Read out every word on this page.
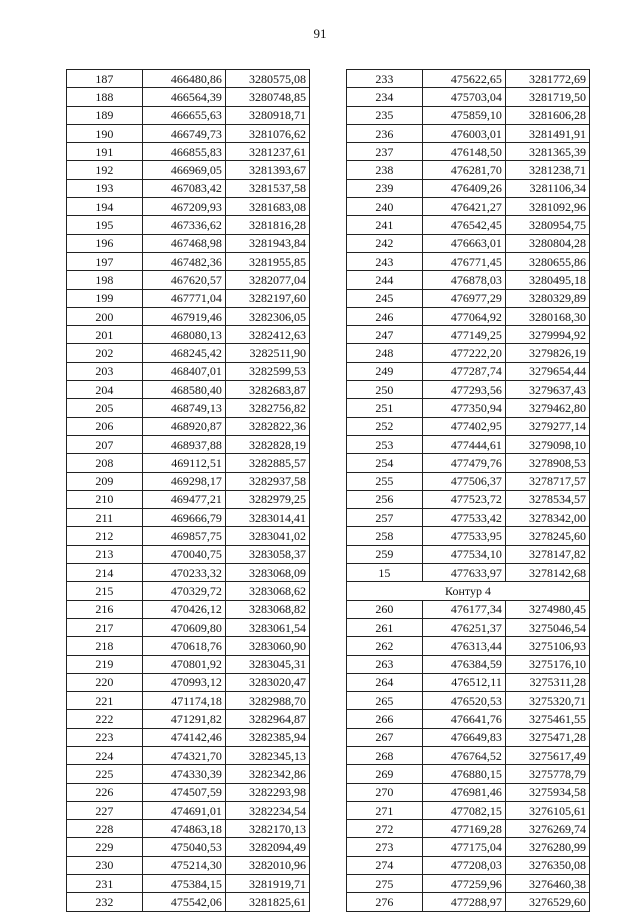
91
187	466480,86	3280575,08
188	466564,39	3280748,85
189	466655,63	3280918,71
190	466749,73	3281076,62
191	466855,83	3281237,61
192	466969,05	3281393,67
193	467083,42	3281537,58
194	467209,93	3281683,08
195	467336,62	3281816,28
196	467468,98	3281943,84
197	467482,36	3281955,85
198	467620,57	3282077,04
199	467771,04	3282197,60
200	467919,46	3282306,05
201	468080,13	3282412,63
202	468245,42	3282511,90
203	468407,01	3282599,53
204	468580,40	3282683,87
205	468749,13	3282756,82
206	468920,87	3282822,36
207	468937,88	3282828,19
208	469112,51	3282885,57
209	469298,17	3282937,58
210	469477,21	3282979,25
211	469666,79	3283014,41
212	469857,75	3283041,02
213	470040,75	3283058,37
214	470233,32	3283068,09
215	470329,72	3283068,62
216	470426,12	3283068,82
217	470609,80	3283061,54
218	470618,76	3283060,90
219	470801,92	3283045,31
220	470993,12	3283020,47
221	471174,18	3282988,70
222	471291,82	3282964,87
223	474142,46	3282385,94
224	474321,70	3282345,13
225	474330,39	3282342,86
226	474507,59	3282293,98
227	474691,01	3282234,54
228	474863,18	3282170,13
229	475040,53	3282094,49
230	475214,30	3282010,96
231	475384,15	3281919,71
232	475542,06	3281825,61
233	475622,65	3281772,69
234	475703,04	3281719,50
235	475859,10	3281606,28
236	476003,01	3281491,91
237	476148,50	3281365,39
238	476281,70	3281238,71
239	476409,26	3281106,34
240	476421,27	3281092,96
241	476542,45	3280954,75
242	476663,01	3280804,28
243	476771,45	3280655,86
244	476878,03	3280495,18
245	476977,29	3280329,89
246	477064,92	3280168,30
247	477149,25	3279994,92
248	477222,20	3279826,19
249	477287,74	3279654,44
250	477293,56	3279637,43
251	477350,94	3279462,80
252	477402,95	3279277,14
253	477444,61	3279098,10
254	477479,76	3278908,53
255	477506,37	3278717,57
256	477523,72	3278534,57
257	477533,42	3278342,00
258	477533,95	3278245,60
259	477534,10	3278147,82
15	477633,97	3278142,68
Контур 4		
260	476177,34	3274980,45
261	476251,37	3275046,54
262	476313,44	3275106,93
263	476384,59	3275176,10
264	476512,11	3275311,28
265	476520,53	3275320,71
266	476641,76	3275461,55
267	476649,83	3275471,28
268	476764,52	3275617,49
269	476880,15	3275778,79
270	476981,46	3275934,58
271	477082,15	3276105,61
272	477169,28	3276269,74
273	477175,04	3276280,99
274	477208,03	3276350,08
275	477259,96	3276460,38
276	477288,97	3276529,60
